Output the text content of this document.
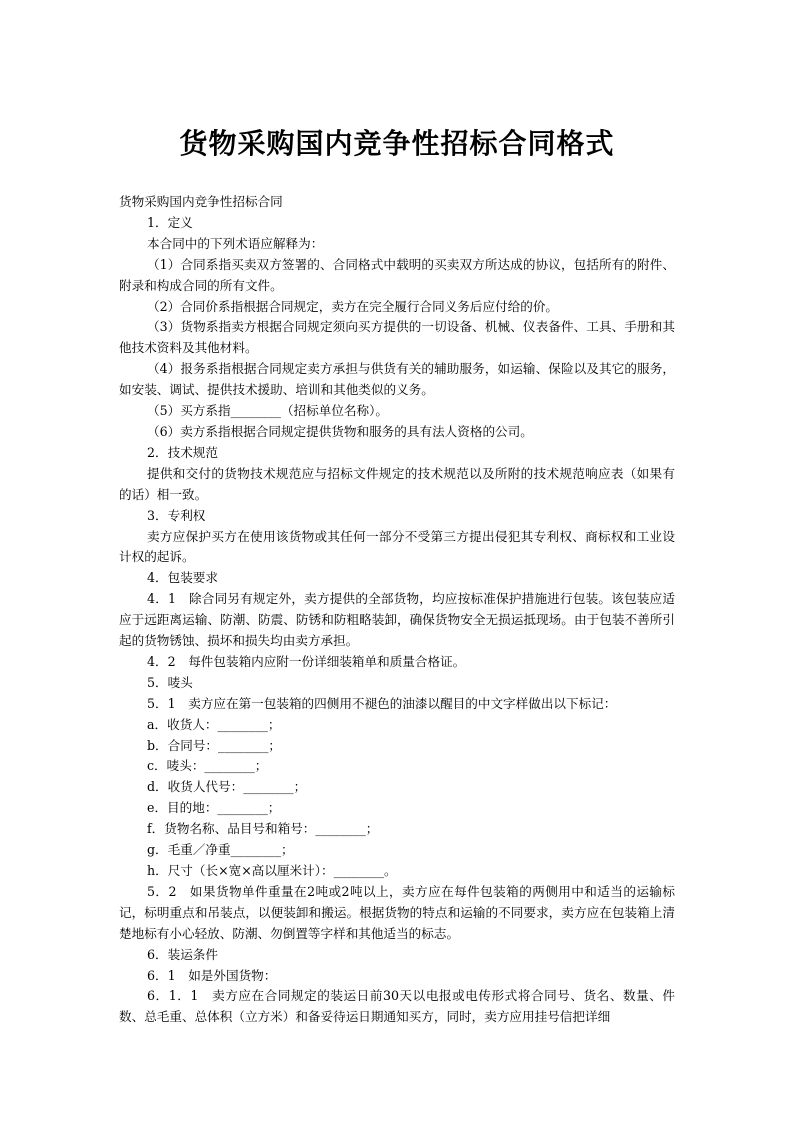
货物采购国内竞争性招标合同格式

货物采购国内竞争性招标合同

1．定义

本合同中的下列术语应解释为：

（1）合同系指买卖双方签署的、合同格式中载明的买卖双方所达成的协议，包括所有的附件、附录和构成合同的所有文件。

（2）合同价系指根据合同规定，卖方在完全履行合同义务后应付给的价。

（3）货物系指卖方根据合同规定须向买方提供的一切设备、机械、仪表备件、工具、手册和其他技术资料及其他材料。

（4）报务系指根据合同规定卖方承担与供货有关的辅助服务，如运输、保险以及其它的服务，如安装、调试、提供技术援助、培训和其他类似的义务。

（5）买方系指________（招标单位名称）。

（6）卖方系指根据合同规定提供货物和服务的具有法人资格的公司。

2．技术规范

提供和交付的货物技术规范应与招标文件规定的技术规范以及所附的技术规范响应表（如果有的话）相一致。

3．专利权

卖方应保护买方在使用该货物或其任何一部分不受第三方提出侵犯其专利权、商标权和工业设计权的起诉。

4．包装要求

4．1　除合同另有规定外，卖方提供的全部货物，均应按标准保护措施进行包装。该包装应适应于远距离运输、防潮、防震、防锈和防粗略装卸，确保货物安全无损运抵现场。由于包装不善所引起的货物锈蚀、损坏和损失均由卖方承担。

4．2　每件包装箱内应附一份详细装箱单和质量合格证。

5．唛头

5．1　卖方应在第一包装箱的四侧用不褪色的油漆以醒目的中文字样做出以下标记：

a．收货人：________；

b．合同号：________；

c．唛头：________；

d．收货人代号：________；

e．目的地：________；

f．货物名称、品目号和箱号：________；

g．毛重／净重________；

h．尺寸（长×宽×高以厘米计）：________。

5．2　如果货物单件重量在2吨或2吨以上，卖方应在每件包装箱的两侧用中和适当的运输标记，标明重点和吊装点，以便装卸和搬运。根据货物的特点和运输的不同要求，卖方应在包装箱上清楚地标有小心轻放、防潮、勿倒置等字样和其他适当的标志。

6．装运条件

6．1　如是外国货物：

6．1．1　卖方应在合同规定的装运日前30天以电报或电传形式将合同号、货名、数量、件数、总毛重、总体积（立方米）和备妥待运日期通知买方，同时，卖方应用挂号信把详细
